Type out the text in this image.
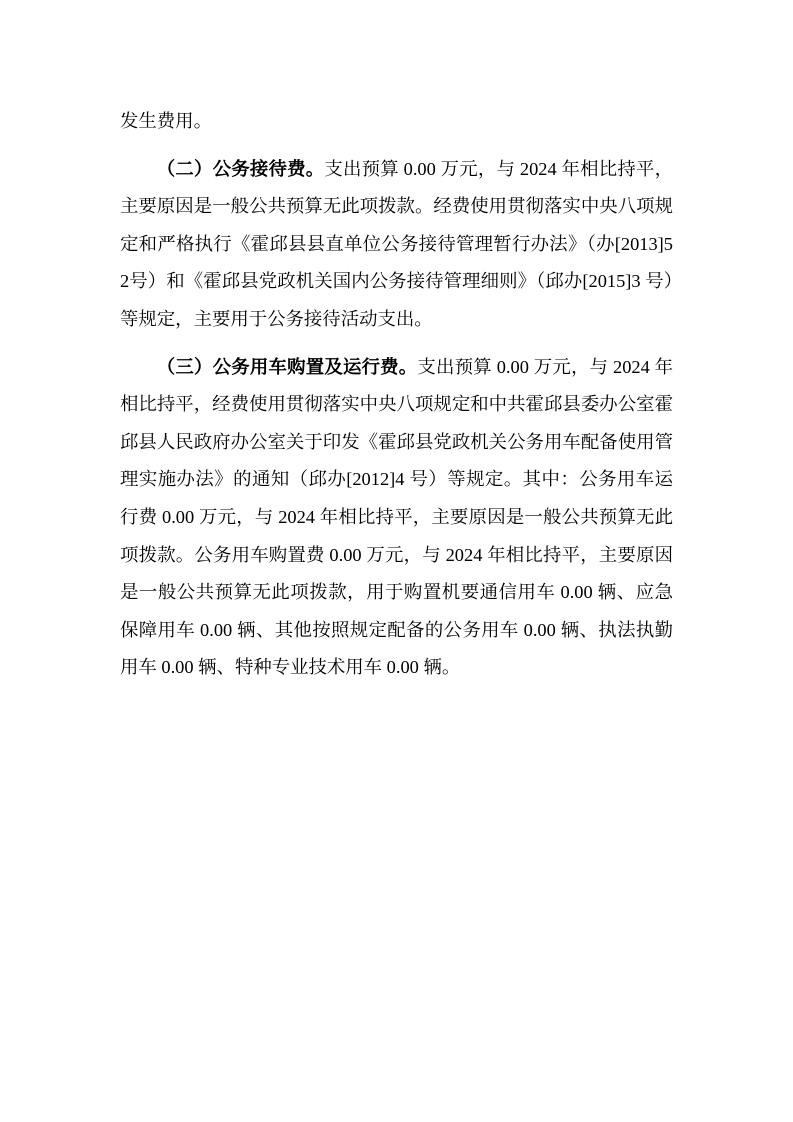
发生费用。

（二）公务接待费。支出预算 0.00 万元，与 2024 年相比持平，主要原因是一般公共预算无此项拨款。经费使用贯彻落实中央八项规定和严格执行《霍邱县县直单位公务接待管理暂行办法》（办[2013]52号）和《霍邱县党政机关国内公务接待管理细则》（邱办[2015]3 号）等规定，主要用于公务接待活动支出。

（三）公务用车购置及运行费。支出预算 0.00 万元，与 2024 年相比持平，经费使用贯彻落实中央八项规定和中共霍邱县委办公室霍邱县人民政府办公室关于印发《霍邱县党政机关公务用车配备使用管理实施办法》的通知（邱办[2012]4 号）等规定。其中：公务用车运行费 0.00 万元，与 2024 年相比持平，主要原因是一般公共预算无此项拨款。公务用车购置费 0.00 万元，与 2024 年相比持平，主要原因是一般公共预算无此项拨款，用于购置机要通信用车 0.00 辆、应急保障用车 0.00 辆、其他按照规定配备的公务用车 0.00 辆、执法执勤用车 0.00 辆、特种专业技术用车 0.00 辆。
